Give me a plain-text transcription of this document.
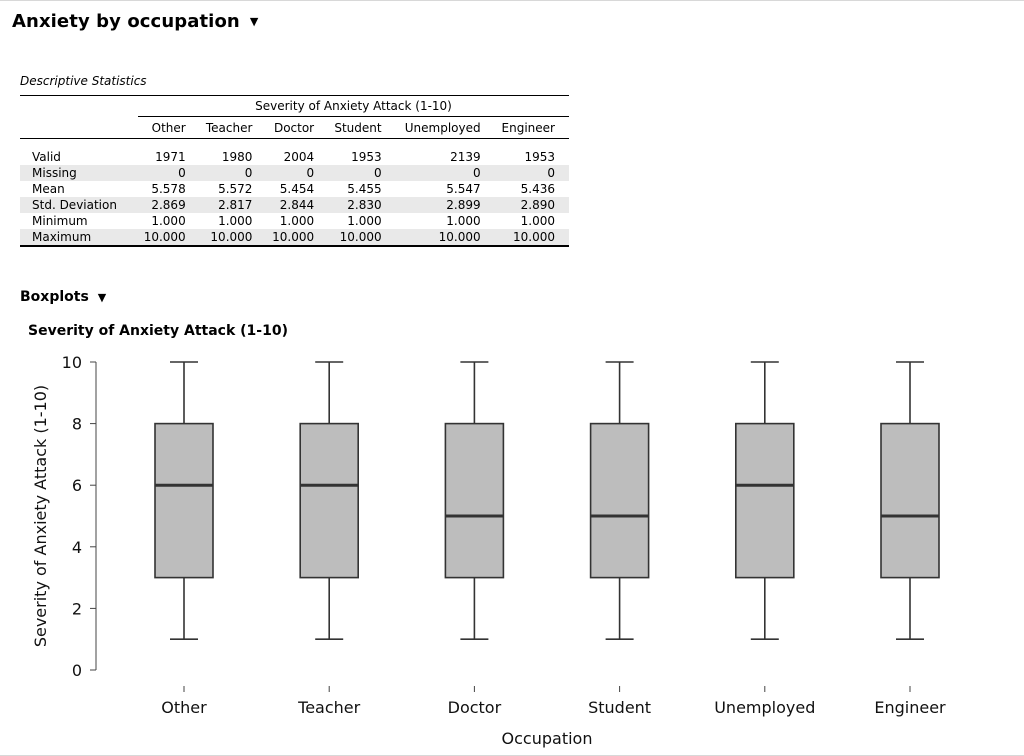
Anxiety by occupation ▼
Descriptive Statistics
	Severity of Anxiety Attack (1-10)					
	Other	Teacher	Doctor	Student	Unemployed	Engineer

Valid	1971	1980	2004	1953	2139	1953
Missing	0	0	0	0	0	0
Mean	5.578	5.572	5.454	5.455	5.547	5.436
Std. Deviation	2.869	2.817	2.844	2.830	2.899	2.890
Minimum	1.000	1.000	1.000	1.000	1.000	1.000
Maximum	10.000	10.000	10.000	10.000	10.000	10.000
Boxplots ▼
Severity of Anxiety Attack (1-10)
0
2
4
6
8
10
Severity of Anxiety Attack (1-10)
Other	Teacher	Doctor	Student	Unemployed	Engineer
Occupation
